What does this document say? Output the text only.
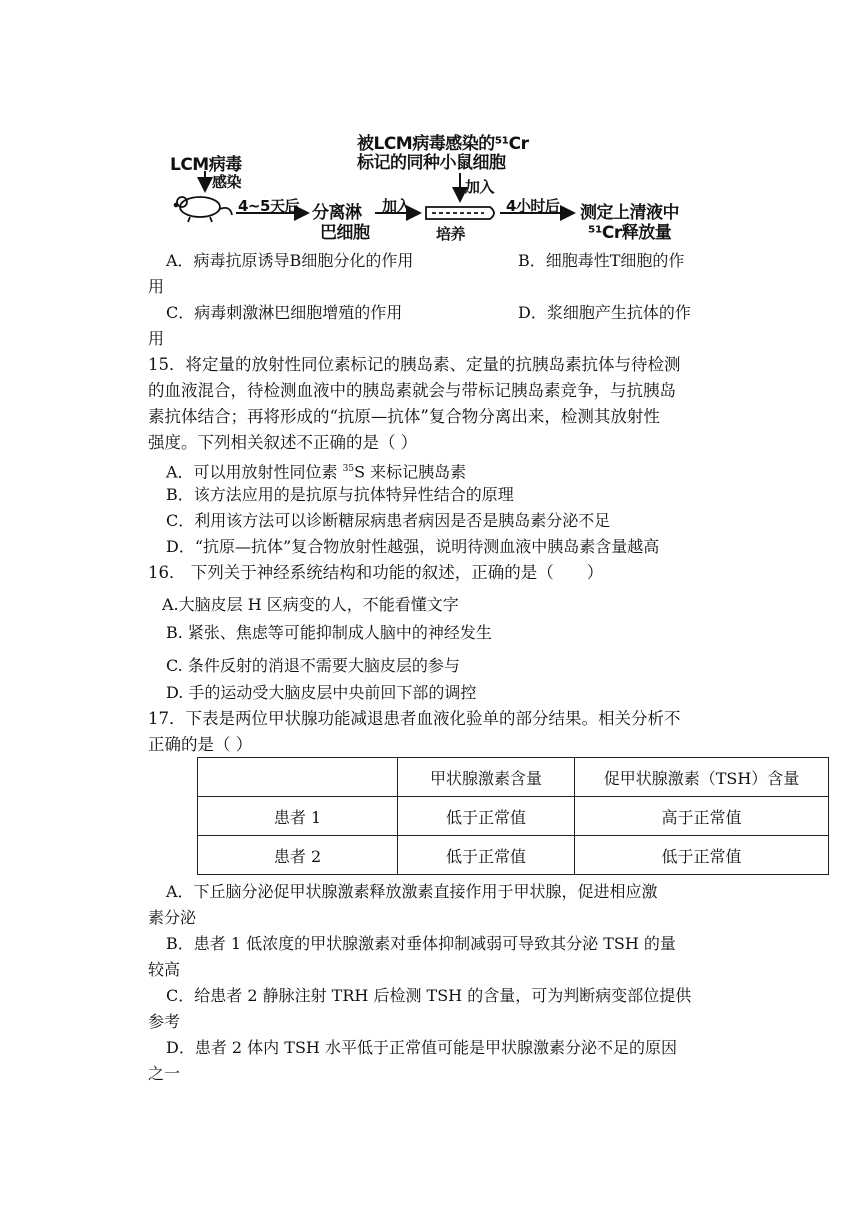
被LCM病毒感染的⁵¹Cr
标记的同种小鼠细胞
LCM病毒
感染
4~5天后 分离淋
巴细胞
加入
加入
培养
4小时后 测定上清液中
⁵¹Cr释放量
A．病毒抗原诱导B细胞分化的作用	B．细胞毒性T细胞的作
用
C．病毒刺激淋巴细胞增殖的作用	D．浆细胞产生抗体的作
用
15．将定量的放射性同位素标记的胰岛素、定量的抗胰岛素抗体与待检测
的血液混合，待检测血液中的胰岛素就会与带标记胰岛素竞争，与抗胰岛
素抗体结合；再将形成的“抗原—抗体”复合物分离出来，检测其放射性
强度。下列相关叙述不正确的是（ ）
A．可以用放射性同位素 $^{35}$S 来标记胰岛素
B．该方法应用的是抗原与抗体特异性结合的原理
C．利用该方法可以诊断糖尿病患者病因是否是胰岛素分泌不足
D．“抗原—抗体”复合物放射性越强，说明待测血液中胰岛素含量越高
16． 下列关于神经系统结构和功能的叙述，正确的是（　　）
A.大脑皮层 H 区病变的人，不能看懂文字
B. 紧张、焦虑等可能抑制成人脑中的神经发生
C. 条件反射的消退不需要大脑皮层的参与
D. 手的运动受大脑皮层中央前回下部的调控
17．下表是两位甲状腺功能减退患者血液化验单的部分结果。相关分析不
正确的是（ ）
	甲状腺激素含量	促甲状腺激素（TSH）含量
患者 1	低于正常值	高于正常值
患者 2	低于正常值	低于正常值
A．下丘脑分泌促甲状腺激素释放激素直接作用于甲状腺，促进相应激
素分泌
B．患者 1 低浓度的甲状腺激素对垂体抑制减弱可导致其分泌 TSH 的量
较高
C．给患者 2 静脉注射 TRH 后检测 TSH 的含量，可为判断病变部位提供
参考
D．患者 2 体内 TSH 水平低于正常值可能是甲状腺激素分泌不足的原因
之一
